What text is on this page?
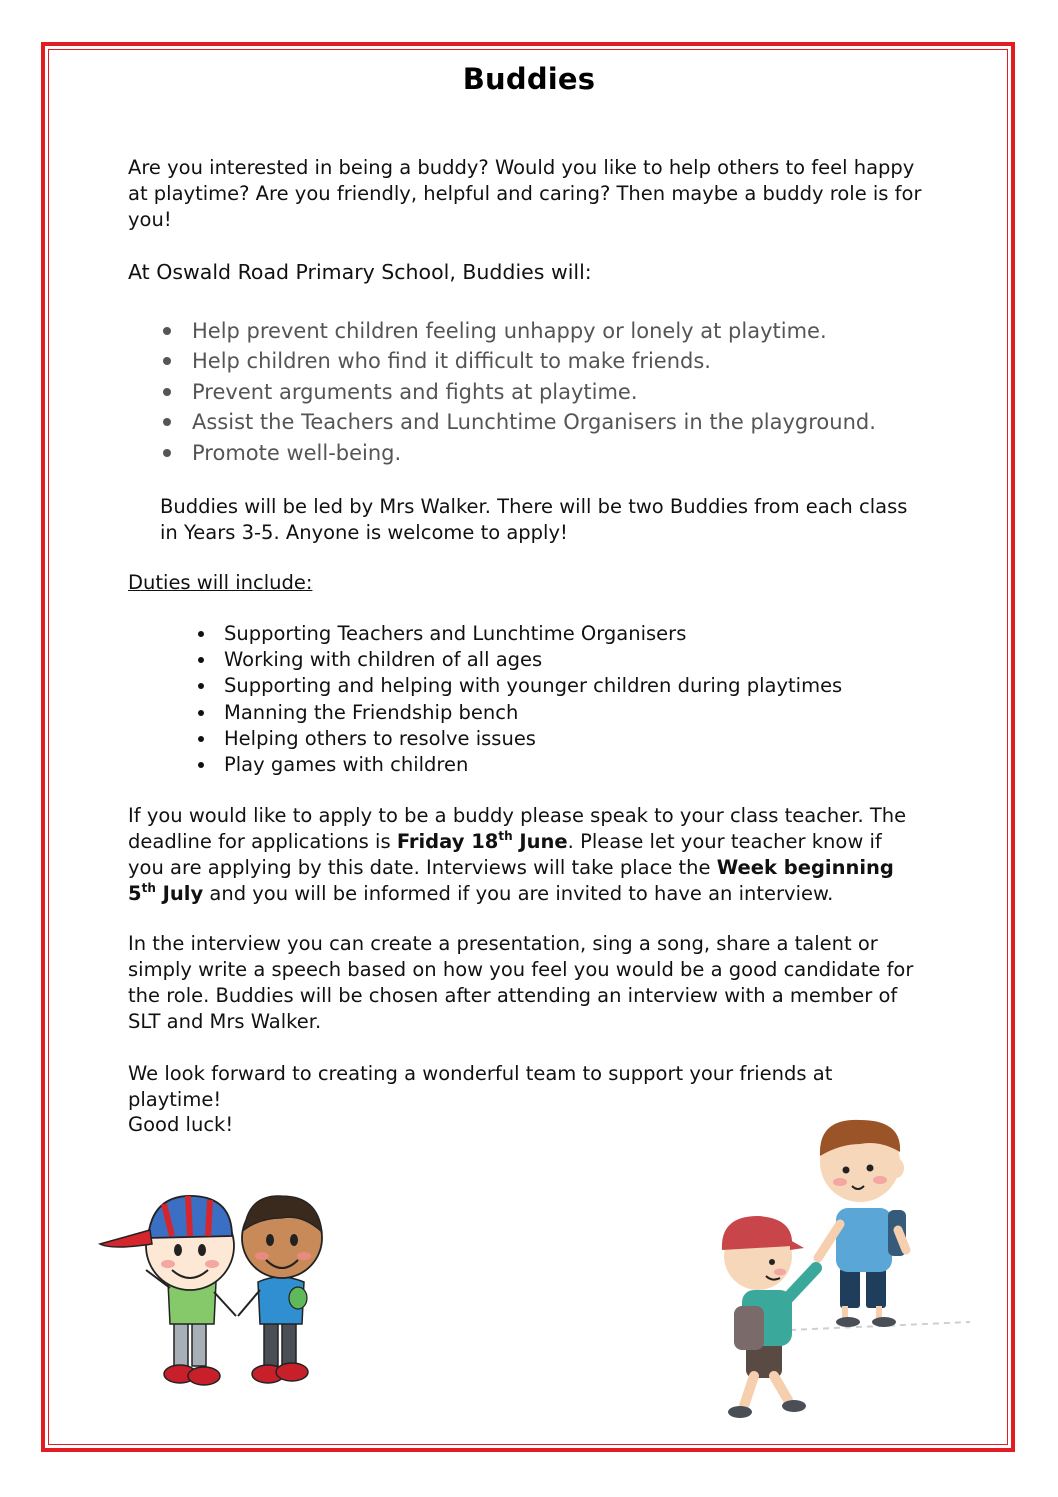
Buddies
Are you interested in being a buddy? Would you like to help others to feel happy at playtime? Are you friendly, helpful and caring? Then maybe a buddy role is for you!
At Oswald Road Primary School, Buddies will:
Help prevent children feeling unhappy or lonely at playtime.
Help children who find it difficult to make friends.
Prevent arguments and fights at playtime.
Assist the Teachers and Lunchtime Organisers in the playground.
Promote well-being.
Buddies will be led by Mrs Walker. There will be two Buddies from each class in Years 3-5. Anyone is welcome to apply!
Duties will include:
Supporting Teachers and Lunchtime Organisers
Working with children of all ages
Supporting and helping with younger children during playtimes
Manning the Friendship bench
Helping others to resolve issues
Play games with children
If you would like to apply to be a buddy please speak to your class teacher. The deadline for applications is Friday 18th June. Please let your teacher know if you are applying by this date. Interviews will take place the Week beginning 5th July and you will be informed if you are invited to have an interview.
In the interview you can create a presentation, sing a song, share a talent or simply write a speech based on how you feel you would be a good candidate for the role. Buddies will be chosen after attending an interview with a member of SLT and Mrs Walker.
We look forward to creating a wonderful team to support your friends at playtime!
Good luck!
